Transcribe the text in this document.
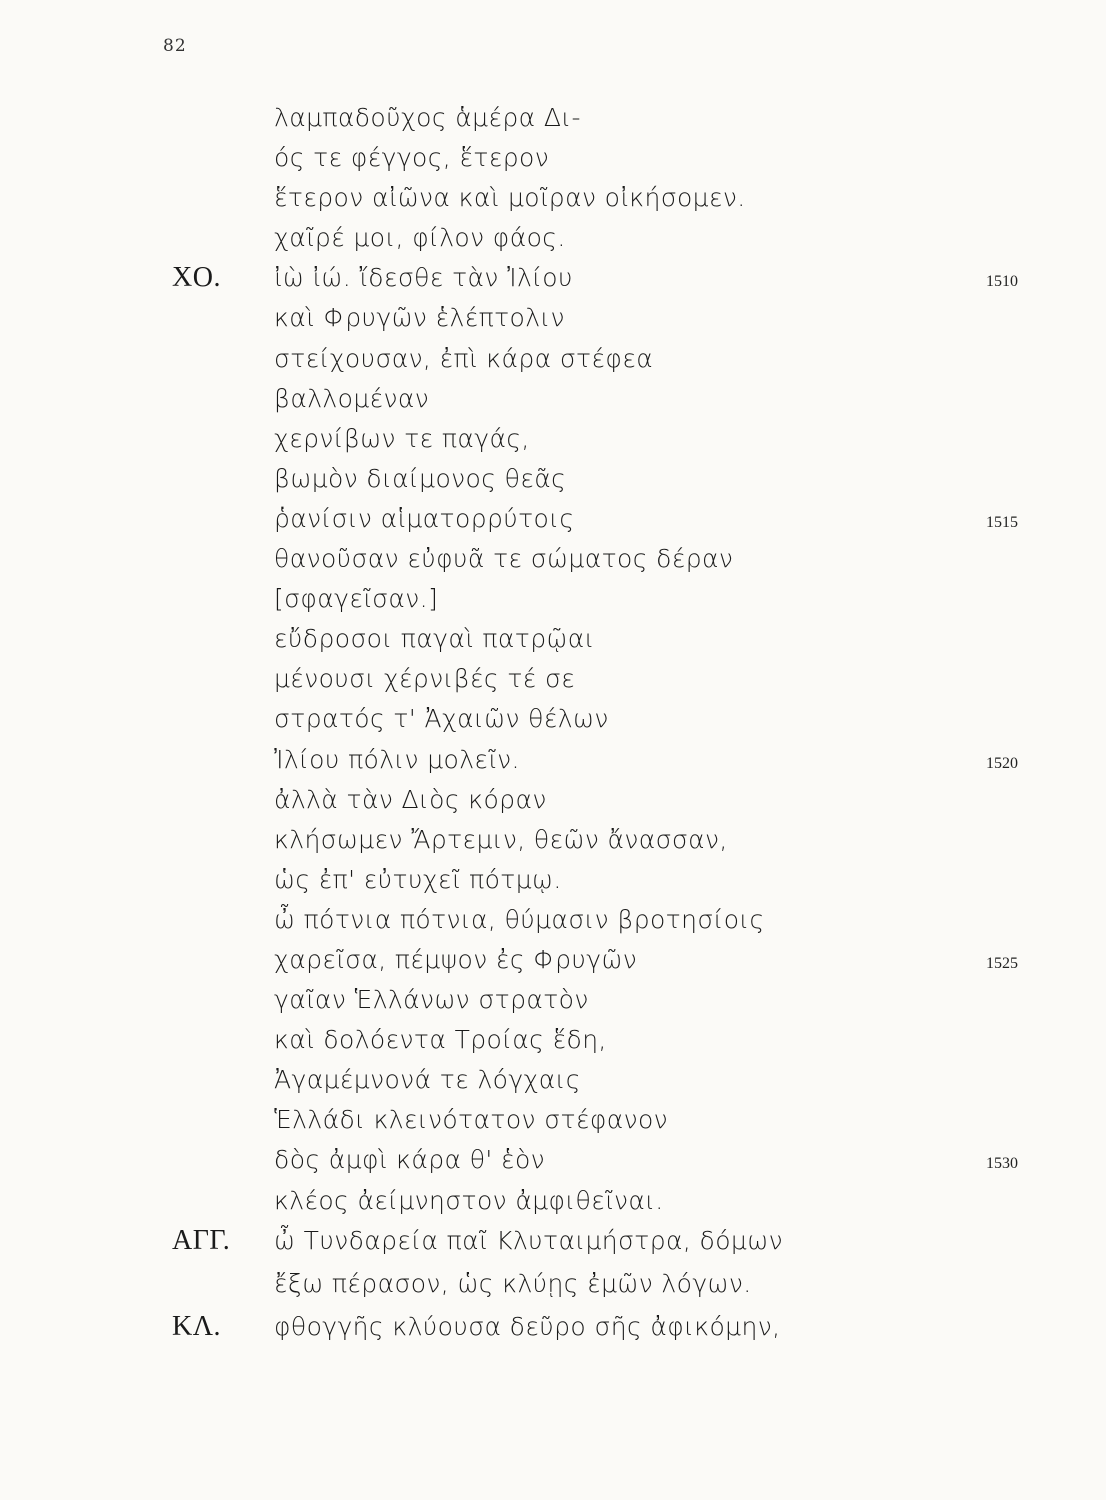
82
λαμπαδοῦχος ἁμέρα Δι-
ός τε φέγγος, ἕτερον
ἕτερον αἰῶνα καὶ μοῖραν οἰκήσομεν.
χαῖρέ μοι, φίλον φάος.
ΧΟ. ἰὼ ἰώ. ἴδεσθε τὰν Ἰλίου	1510
καὶ Φρυγῶν ἑλέπτολιν
στείχουσαν, ἐπὶ κάρα στέφεα
βαλλομέναν
χερνίβων τε παγάς,
βωμὸν διαίμονος θεᾶς
ῥανίσιν αἱματορρύτοις	1515
θανοῦσαν εὐφυᾶ τε σώματος δέραν
[σφαγεῖσαν.]
εὔδροσοι παγαὶ πατρῷαι
μένουσι χέρνιβές τέ σε
στρατός τ' Ἀχαιῶν θέλων
Ἰλίου πόλιν μολεῖν.	1520
ἀλλὰ τὰν Διὸς κόραν
κλήσωμεν Ἄρτεμιν, θεῶν ἄνασσαν,
ὡς ἐπ' εὐτυχεῖ πότμῳ.
ὦ πότνια πότνια, θύμασιν βροτησίοις
χαρεῖσα, πέμψον ἐς Φρυγῶν	1525
γαῖαν Ἑλλάνων στρατὸν
καὶ δολόεντα Τροίας ἕδη,
Ἀγαμέμνονά τε λόγχαις
Ἑλλάδι κλεινότατον στέφανον
δὸς ἀμφὶ κάρα θ' ἑὸν	1530
κλέος ἀείμνηστον ἀμφιθεῖναι.
ΑΓΓ. ὦ Τυνδαρεία παῖ Κλυταιμήστρα, δόμων
ἔξω πέρασον, ὡς κλύῃς ἐμῶν λόγων.
ΚΛ. φθογγῆς κλύουσα δεῦρο σῆς ἀφικόμην,
